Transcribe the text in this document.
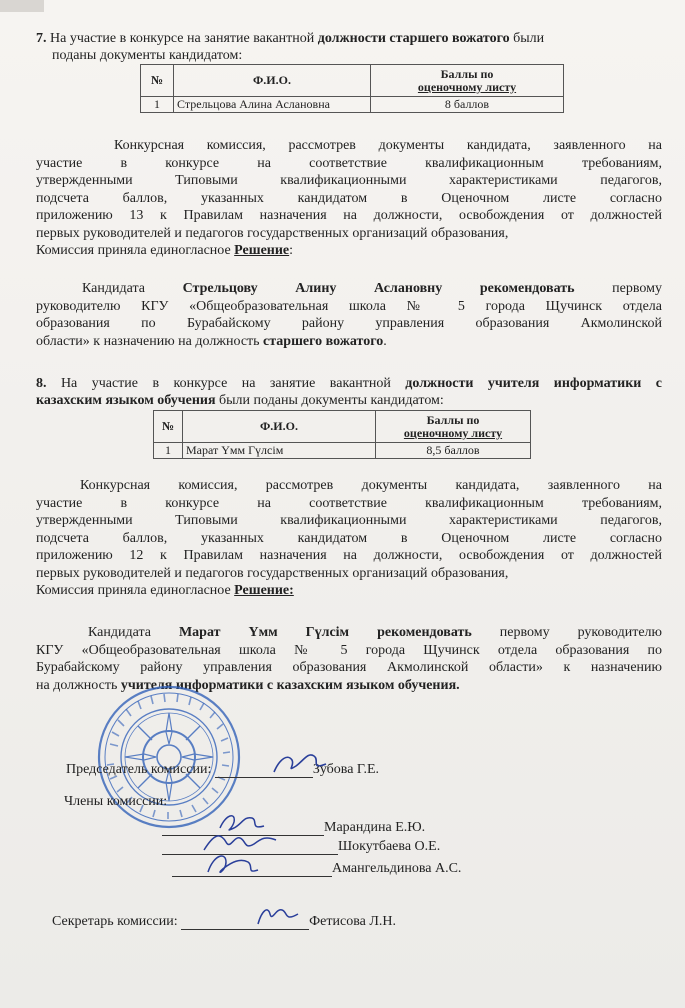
7. На участие в конкурсе на занятие вакантной должности старшего вожатого были

поданы документы кандидатом:

№	Ф.И.О.	Баллы по
оценочному листу
1	Стрельцова Алина Аслановна	8 баллов

Конкурсная комиссия, рассмотрев документы кандидата, заявленного на

участие в конкурсе на соответствие квалификационным требованиям,

утвержденными Типовыми квалификационными характеристиками педагогов,

подсчета баллов, указанных кандидатом в Оценочном листе согласно

приложению 13 к Правилам назначения на должности, освобождения от должностей

первых руководителей и педагогов государственных организаций образования,

Комиссия приняла единогласное Решение:

Кандидата Стрельцову Алину Аслановну рекомендовать первому

руководителю КГУ «Общеобразовательная школа № 5 города Щучинск отдела

образования по Бурабайскому району управления образования Акмолинской

области» к назначению на должность старшего вожатого.

8. На участие в конкурсе на занятие вакантной должности учителя информатики с

казахским языком обучения были поданы документы кандидатом:

№	Ф.И.О.	Баллы по
оценочному листу
1	Марат Үмм Гүлсім	8,5 баллов

Конкурсная комиссия, рассмотрев документы кандидата, заявленного на

участие в конкурсе на соответствие квалификационным требованиям,

утвержденными Типовыми квалификационными характеристиками педагогов,

подсчета баллов, указанных кандидатом в Оценочном листе согласно

приложению 12 к Правилам назначения на должности, освобождения от должностей

первых руководителей и педагогов государственных организаций образования,

Комиссия приняла единогласное Решение:

Кандидата Марат Үмм Гүлсім рекомендовать первому руководителю

КГУ «Общеобразовательная школа № 5 города Щучинск отдела образования по

Бурабайскому району управления образования Акмолинской области» к назначению

на должность учителя информатики с казахским языком обучения.

Председатель комиссии:	Зубова Г.Е.
Члены комиссии:
Марандина Е.Ю.
Шокутбаева О.Е.
Амангельдинова А.С.
Секретарь комиссии:	Фетисова Л.Н.
